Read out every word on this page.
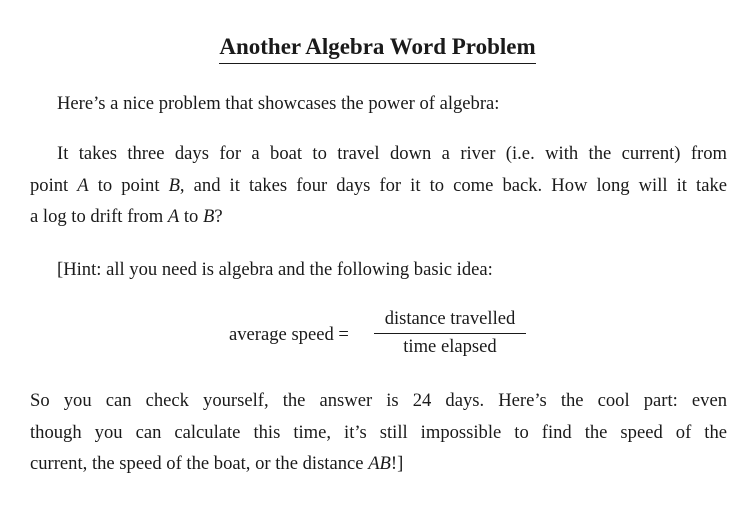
Another Algebra Word Problem
Here’s a nice problem that showcases the power of algebra:
It takes three days for a boat to travel down a river (i.e. with the current) from
point A to point B, and it takes four days for it to come back. How long will it take
a log to drift from A to B?
[Hint: all you need is algebra and the following basic idea:
average speed =
distance travelled
time elapsed
So you can check yourself, the answer is 24 days. Here’s the cool part: even
though you can calculate this time, it’s still impossible to find the speed of the
current, the speed of the boat, or the distance AB!]
